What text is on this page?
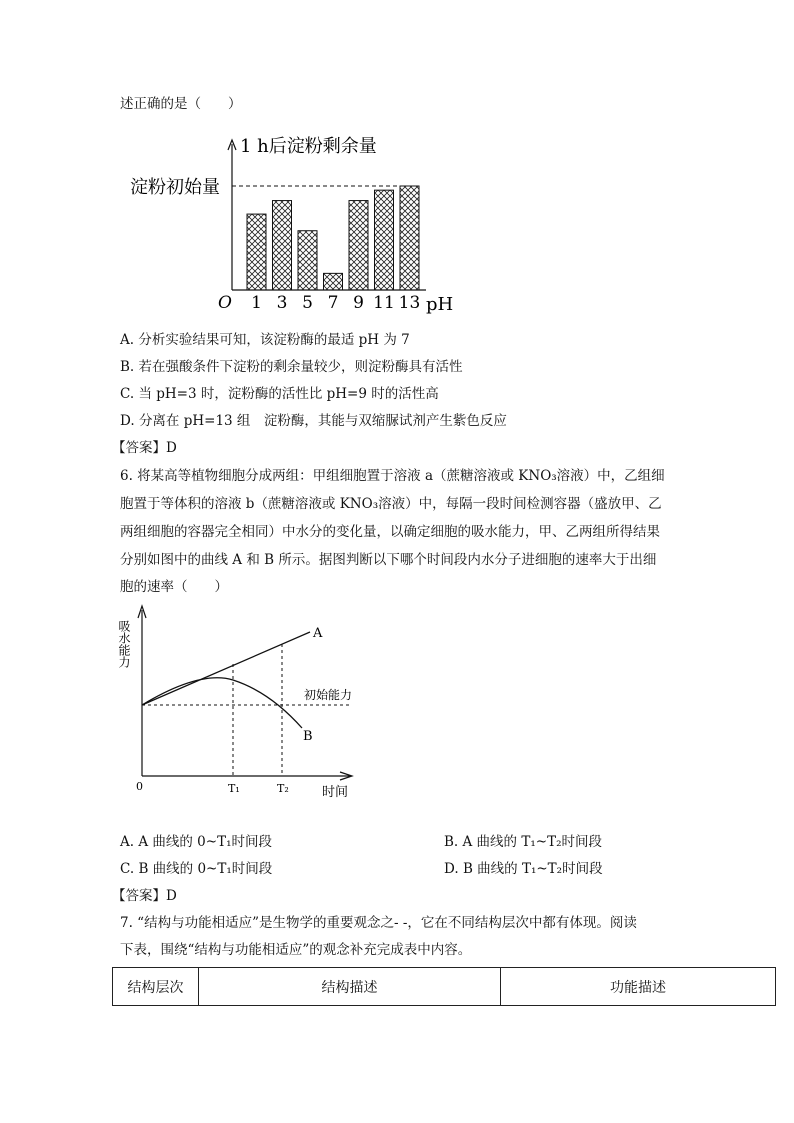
述正确的是（　　）
1 h后淀粉剩余量
淀粉初始量
O	pH
1 3 5 7 9 11 13
A. 分析实验结果可知，该淀粉酶的最适 pH 为 7
B. 若在强酸条件下淀粉的剩余量较少，则淀粉酶具有活性
C. 当 pH=3 时，淀粉酶的活性比 pH=9 时的活性高
D. 分离在 pH=13 组　淀粉酶，其能与双缩脲试剂产生紫色反应
【答案】D
6. 将某高等植物细胞分成两组：甲组细胞置于溶液 a（蔗糖溶液或 KNO₃溶液）中，乙组细
胞置于等体积的溶液 b（蔗糖溶液或 KNO₃溶液）中，每隔一段时间检测容器（盛放甲、乙
两组细胞的容器完全相同）中水分的变化量，以确定细胞的吸水能力，甲、乙两组所得结果
分别如图中的曲线 A 和 B 所示。据图判断以下哪个时间段内水分子进细胞的速率大于出细
胞的速率（　　）
吸水能力
时间
0
初始能力
T₁	T₂
A
B
A. A 曲线的 0~T₁时间段	B. A 曲线的 T₁~T₂时间段
C. B 曲线的 0~T₁时间段	D. B 曲线的 T₁~T₂时间段
【答案】D
7. “结构与功能相适应”是生物学的重要观念之- -，它在不同结构层次中都有体现。阅读
下表，围绕“结构与功能相适应”的观念补充完成表中内容。
结构层次	结构描述	功能描述
